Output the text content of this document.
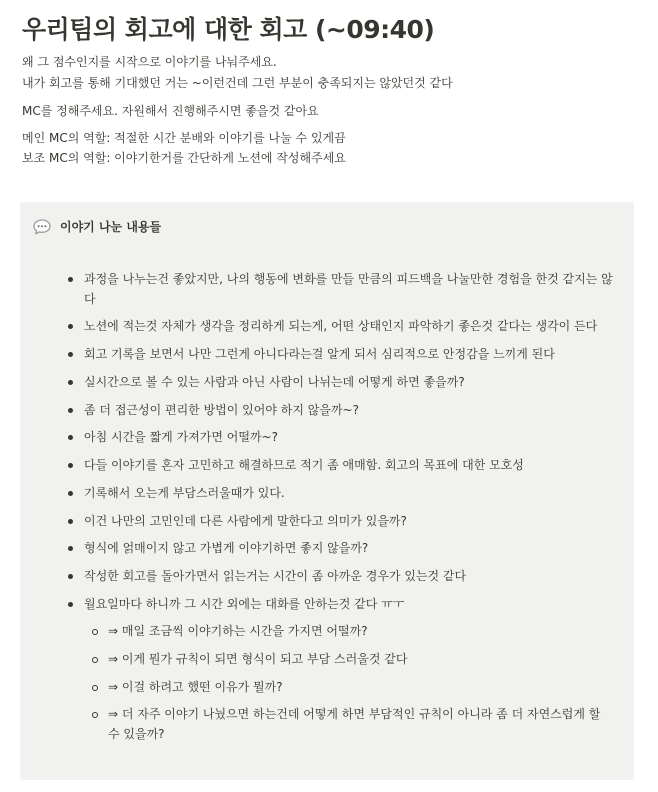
우리팀의 회고에 대한 회고 (~09:40)

왜 그 점수인지를 시작으로 이야기를 나눠주세요.

내가 회고를 통해 기대했던 거는 ~이런건데 그런 부분이 충족되지는 않았던것 같다

MC를 정해주세요. 자원해서 진행해주시면 좋을것 같아요

메인 MC의 역할: 적절한 시간 분배와 이야기를 나눌 수 있게끔

보조 MC의 역할: 이야기한거를 간단하게 노션에 작성해주세요

이야기 나눈 내용들
과정을 나누는건 좋았지만, 나의 행동에 변화를 만들 만큼의 피드백을 나눌만한 경험을 한것 같지는 않다
노션에 적는것 자체가 생각을 정리하게 되는게, 어떤 상태인지 파악하기 좋은것 같다는 생각이 든다
회고 기록을 보면서 나만 그런게 아니다라는걸 알게 되서 심리적으로 안정감을 느끼게 된다
실시간으로 볼 수 있는 사람과 아닌 사람이 나뉘는데 어떻게 하면 좋을까?
좀 더 접근성이 편리한 방법이 있어야 하지 않을까~?
아침 시간을 짧게 가져가면 어떨까~?
다들 이야기를 혼자 고민하고 해결하므로 적기 좀 애매함. 회고의 목표에 대한 모호성
기록해서 오는게 부담스러울때가 있다.
이건 나만의 고민인데 다른 사람에게 말한다고 의미가 있을까?
형식에 얽매이지 않고 가볍게 이야기하면 좋지 않을까?
작성한 회고를 돌아가면서 읽는거는 시간이 좀 아까운 경우가 있는것 같다
월요일마다 하니까 그 시간 외에는 대화를 안하는것 같다 ㅠㅜ
⇒ 매일 조금씩 이야기하는 시간을 가지면 어떨까?
⇒ 이게 뭔가 규칙이 되면 형식이 되고 부담 스러울것 같다
⇒ 이걸 하려고 했떤 이유가 뭘까?
⇒ 더 자주 이야기 나눴으면 하는건데 어떻게 하면 부담적인 규칙이 아니라 좀 더 자연스럽게 할 수 있을까?
